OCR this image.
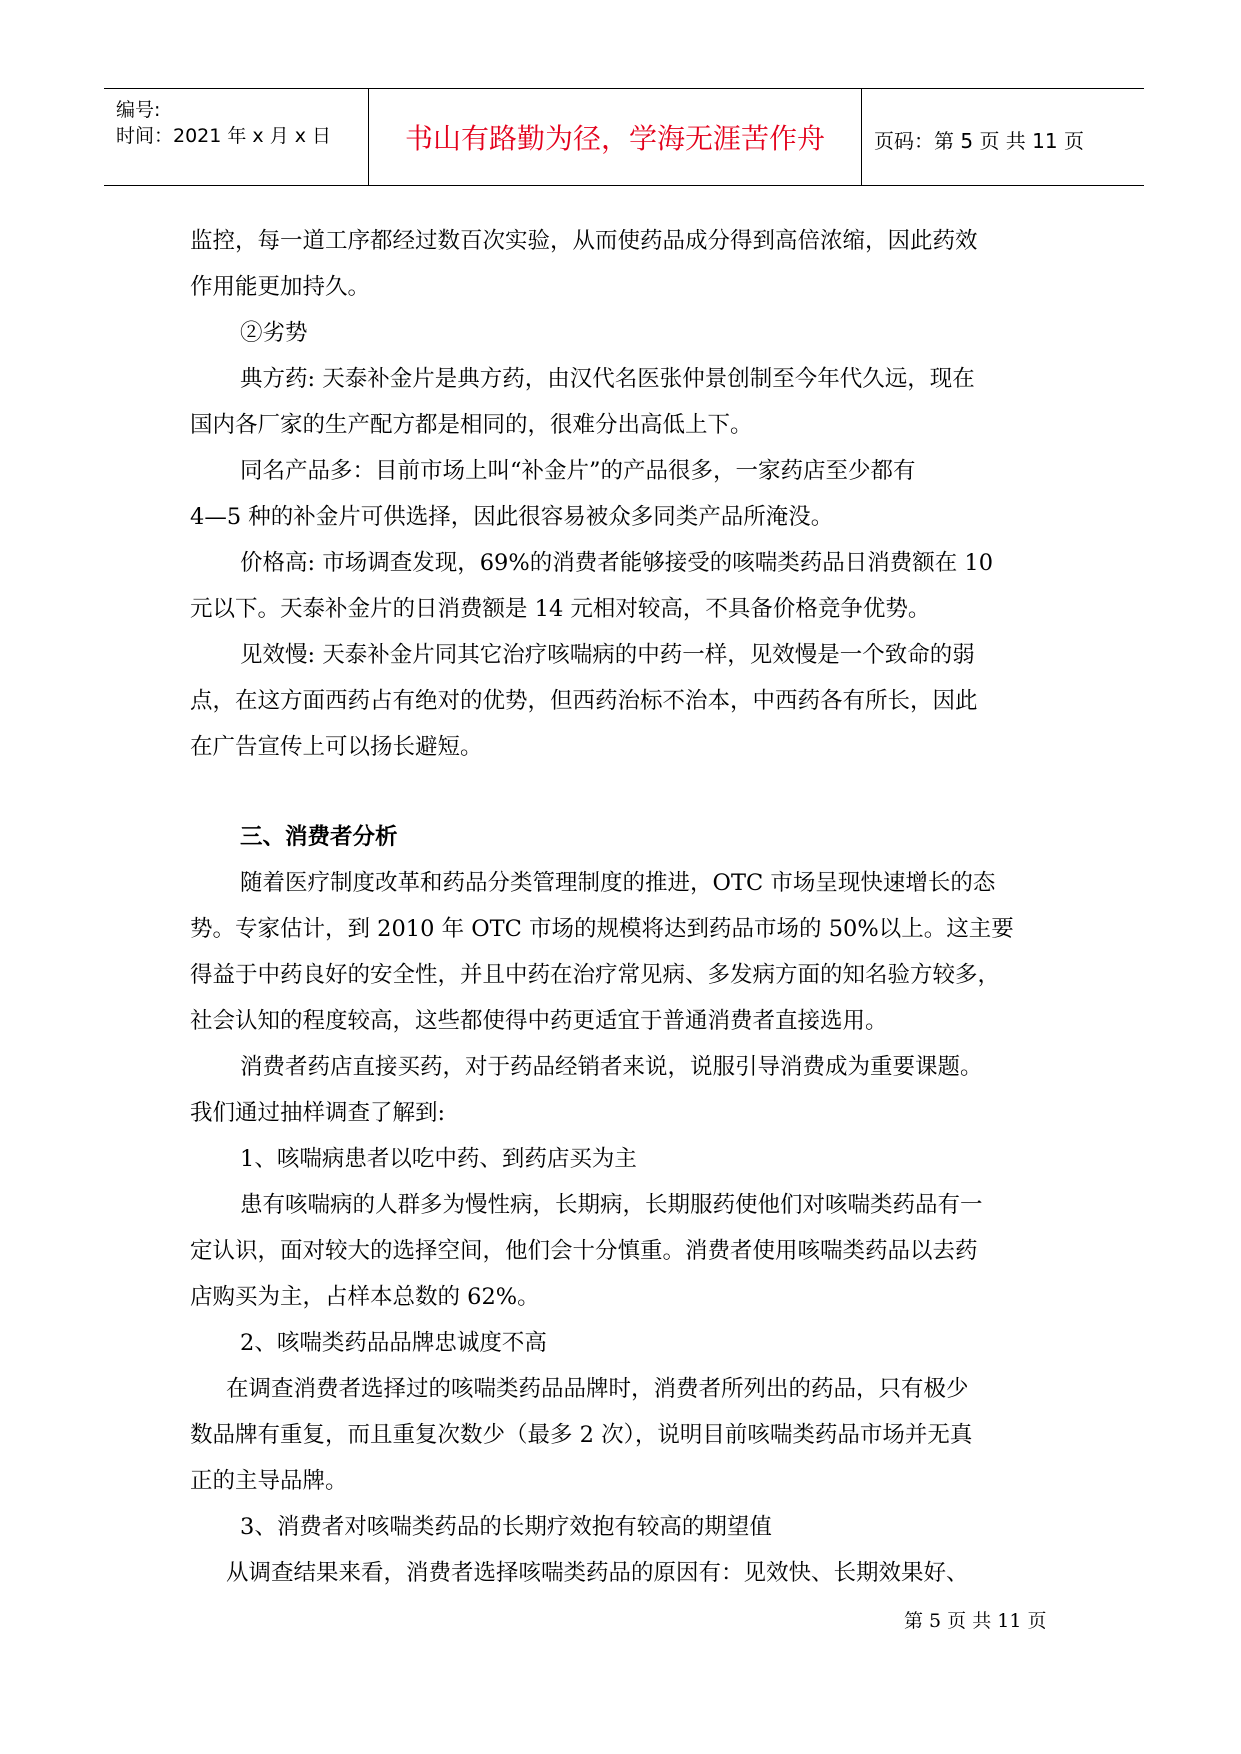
编号:
时间：2021 年 x 月 x 日	书山有路勤为径，学海无涯苦作舟	页码：第 5 页 共 11 页
监控，每一道工序都经过数百次实验，从而使药品成分得到高倍浓缩，因此药效
作用能更加持久。
②劣势
典方药: 天泰补金片是典方药，由汉代名医张仲景创制至今年代久远，现在
国内各厂家的生产配方都是相同的，很难分出高低上下。
同名产品多：目前市场上叫“补金片”的产品很多，一家药店至少都有
4—5 种的补金片可供选择，因此很容易被众多同类产品所淹没。
价格高: 市场调查发现，69%的消费者能够接受的咳喘类药品日消费额在 10
元以下。天泰补金片的日消费额是 14 元相对较高，不具备价格竞争优势。
见效慢: 天泰补金片同其它治疗咳喘病的中药一样，见效慢是一个致命的弱
点，在这方面西药占有绝对的优势，但西药治标不治本，中西药各有所长，因此
在广告宣传上可以扬长避短。
三、消费者分析
随着医疗制度改革和药品分类管理制度的推进，OTC 市场呈现快速增长的态
势。专家估计，到 2010 年 OTC 市场的规模将达到药品市场的 50%以上。这主要
得益于中药良好的安全性，并且中药在治疗常见病、多发病方面的知名验方较多，
社会认知的程度较高，这些都使得中药更适宜于普通消费者直接选用。
消费者药店直接买药，对于药品经销者来说，说服引导消费成为重要课题。
我们通过抽样调查了解到:
1、咳喘病患者以吃中药、到药店买为主
患有咳喘病的人群多为慢性病，长期病，长期服药使他们对咳喘类药品有一
定认识，面对较大的选择空间，他们会十分慎重。消费者使用咳喘类药品以去药
店购买为主，占样本总数的 62%。
2、咳喘类药品品牌忠诚度不高
在调查消费者选择过的咳喘类药品品牌时，消费者所列出的药品，只有极少
数品牌有重复，而且重复次数少（最多 2 次），说明目前咳喘类药品市场并无真
正的主导品牌。
3、消费者对咳喘类药品的长期疗效抱有较高的期望值
从调查结果来看，消费者选择咳喘类药品的原因有：见效快、长期效果好、
第 5 页 共 11 页
